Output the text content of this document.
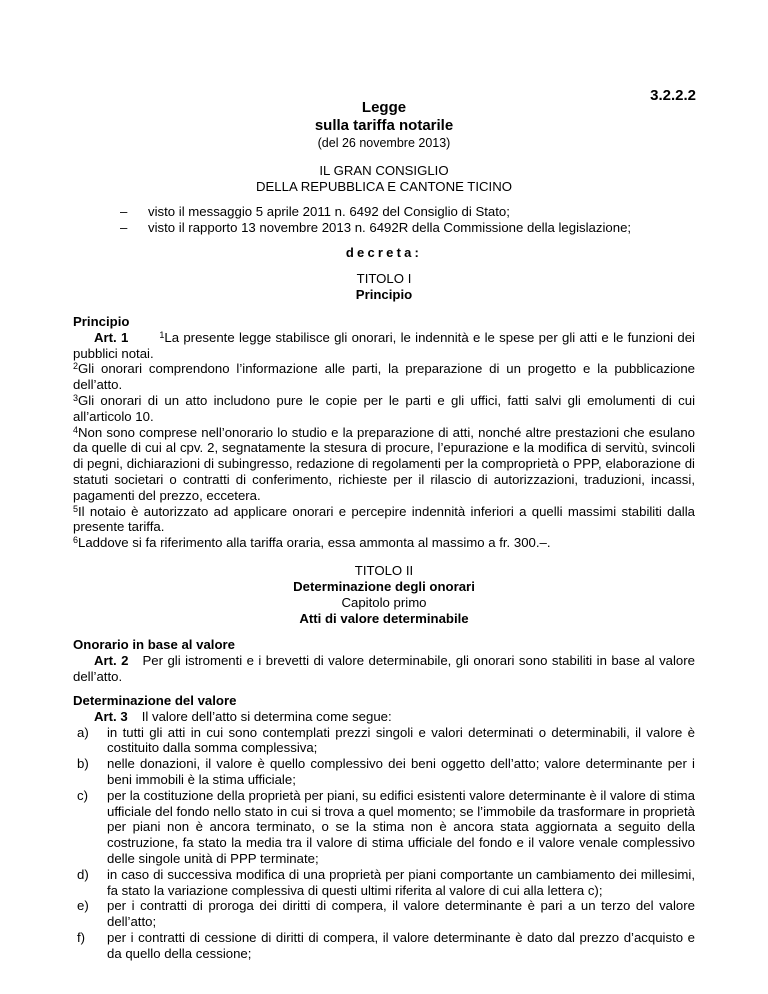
3.2.2.2
Legge
sulla tariffa notarile
(del 26 novembre 2013)
IL GRAN CONSIGLIO
DELLA REPUBBLICA E CANTONE TICINO
– visto il messaggio 5 aprile 2011 n. 6492 del Consiglio di Stato;
– visto il rapporto 13 novembre 2013 n. 6492R della Commissione della legislazione;
decreta:
TITOLO I
Principio
Principio

Art. 1	$^1$La presente legge stabilisce gli onorari, le indennità e le spese per gli atti e le funzioni dei pubblici notai.

$^2$Gli onorari comprendono l’informazione alle parti, la preparazione di un progetto e la pubblicazione dell’atto.

$^3$Gli onorari di un atto includono pure le copie per le parti e gli uffici, fatti salvi gli emolumenti di cui all’articolo 10.

$^4$Non sono comprese nell’onorario lo studio e la preparazione di atti, nonché altre prestazioni che esulano da quelle di cui al cpv. 2, segnatamente la stesura di procure, l’epurazione e la modifica di servitù, svincoli di pegni, dichiarazioni di subingresso, redazione di regolamenti per la comproprietà o PPP, elaborazione di statuti societari o contratti di conferimento, richieste per il rilascio di autorizzazioni, traduzioni, incassi, pagamenti del prezzo, eccetera.

$^5$Il notaio è autorizzato ad applicare onorari e percepire indennità inferiori a quelli massimi stabiliti dalla presente tariffa.

$^6$Laddove si fa riferimento alla tariffa oraria, essa ammonta al massimo a fr. 300.–.

TITOLO II
Determinazione degli onorari
Capitolo primo
Atti di valore determinabile
Onorario in base al valore

Art. 2 Per gli istromenti e i brevetti di valore determinabile, gli onorari sono stabiliti in base al valore dell’atto.

Determinazione del valore

Art. 3 Il valore dell’atto si determina come segue:

a) in tutti gli atti in cui sono contemplati prezzi singoli e valori determinati o determinabili, il valore è costituito dalla somma complessiva;
b) nelle donazioni, il valore è quello complessivo dei beni oggetto dell’atto; valore determinante per i beni immobili è la stima ufficiale;
c) per la costituzione della proprietà per piani, su edifici esistenti valore determinante è il valore di stima ufficiale del fondo nello stato in cui si trova a quel momento; se l’immobile da trasformare in proprietà per piani non è ancora terminato, o se la stima non è ancora stata aggiornata a seguito della costruzione, fa stato la media tra il valore di stima ufficiale del fondo e il valore venale complessivo delle singole unità di PPP terminate;
d) in caso di successiva modifica di una proprietà per piani comportante un cambiamento dei millesimi, fa stato la variazione complessiva di questi ultimi riferita al valore di cui alla lettera c);
e) per i contratti di proroga dei diritti di compera, il valore determinante è pari a un terzo del valore dell’atto;
f) per i contratti di cessione di diritti di compera, il valore determinante è dato dal prezzo d’acquisto e da quello della cessione;
